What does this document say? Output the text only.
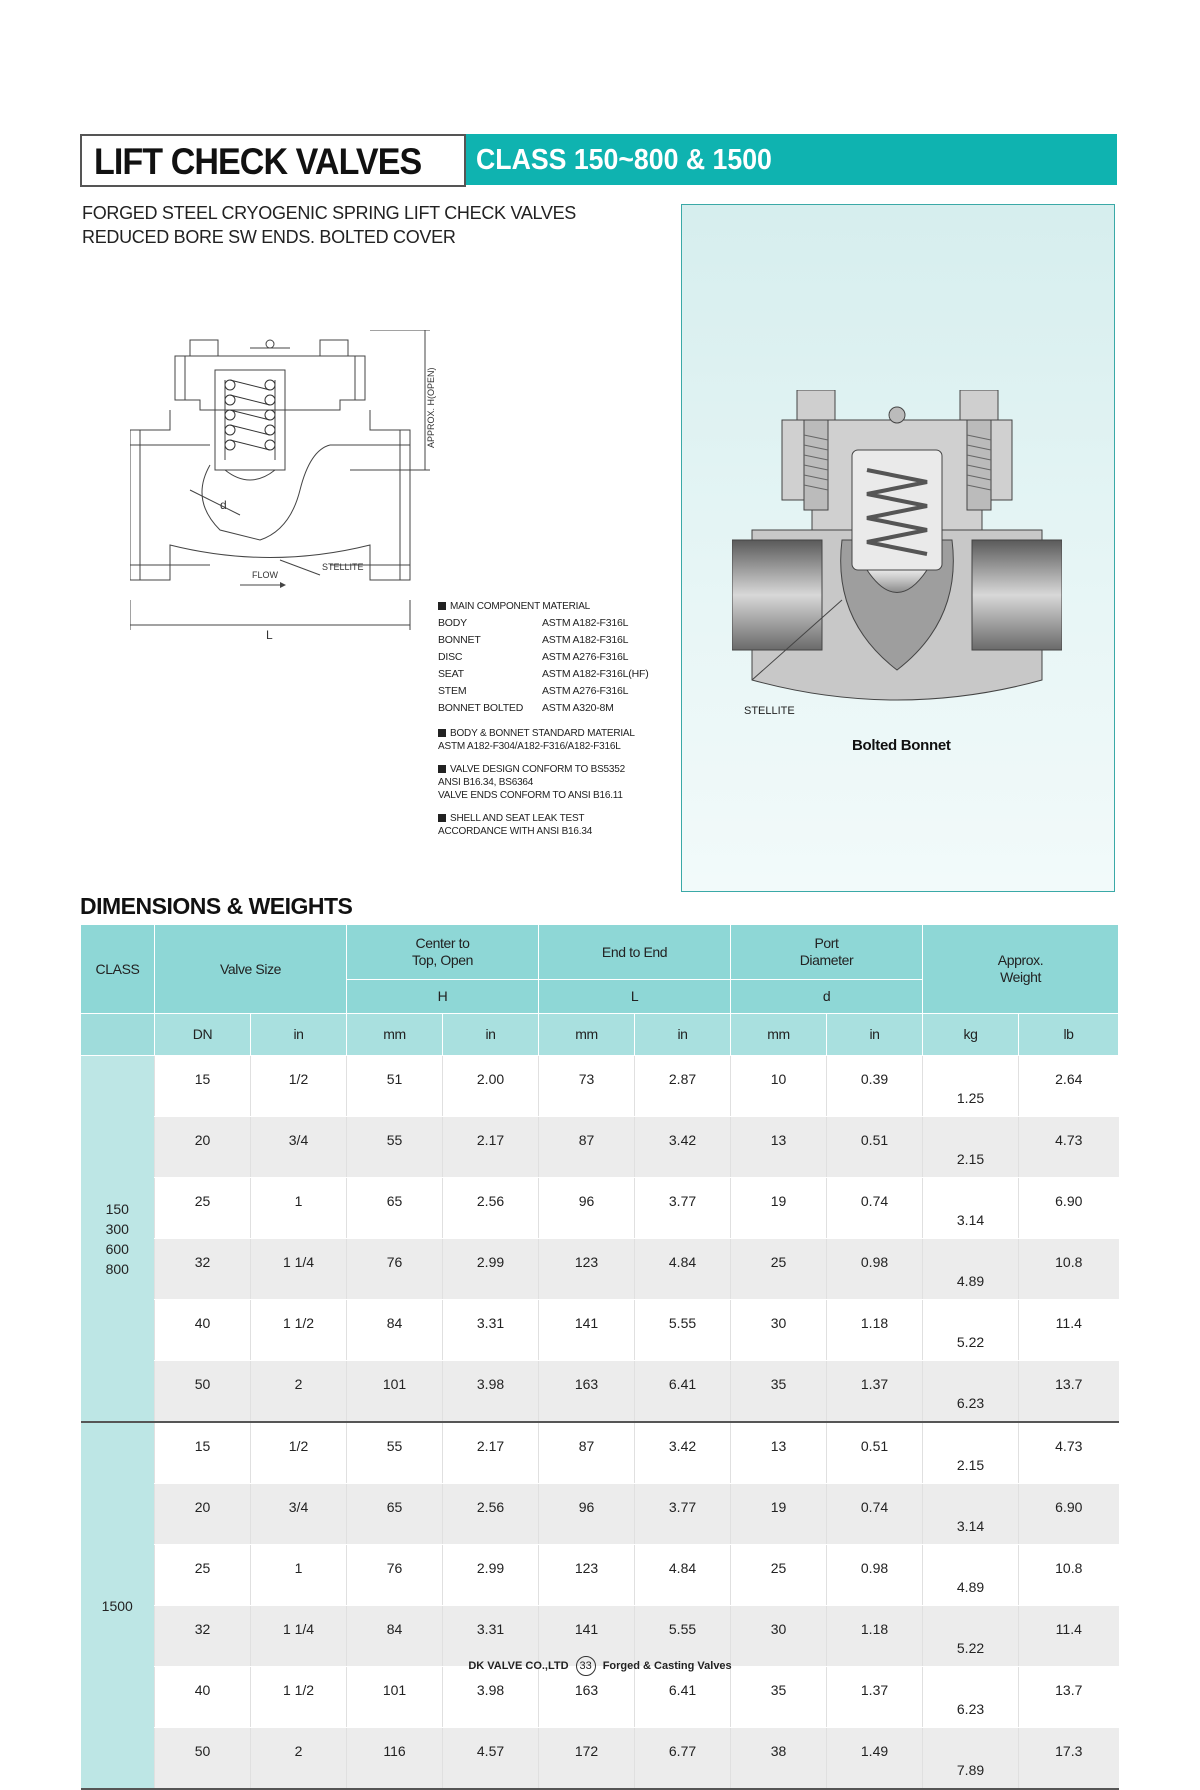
LIFT CHECK VALVES CLASS 150~800 & 1500
FORGED STEEL CRYOGENIC SPRING LIFT CHECK VALVES
REDUCED BORE SW ENDS. BOLTED COVER
APPROX. H(OPEN)
FLOW
L
d
STELLITE
MAIN COMPONENT MATERIAL
BODY	ASTM A182-F316L
BONNET	ASTM A182-F316L
DISC	ASTM A276-F316L
SEAT	ASTM A182-F316L(HF)
STEM	ASTM A276-F316L
BONNET BOLTED	ASTM A320-8M
BODY & BONNET STANDARD MATERIAL
ASTM A182-F304/A182-F316/A182-F316L
VALVE DESIGN CONFORM TO BS5352
ANSI B16.34, BS6364
VALVE ENDS CONFORM TO ANSI B16.11
SHELL AND SEAT LEAK TEST
ACCORDANCE WITH ANSI B16.34
STELLITE
Bolted Bonnet
DIMENSIONS & WEIGHTS
CLASS	Valve Size		Center to
Top, Open		End to End		Port
Diameter		Approx.
Weight	
			H		L		d			
	DN	in	mm	in	mm	in	mm	in	kg	lb

150
300
600
800	15	1/2	51	2.00	73	2.87	10	0.39	1.25	2.64
	20	3/4	55	2.17	87	3.42	13	0.51	2.15	4.73
	25	1	65	2.56	96	3.77	19	0.74	3.14	6.90
	32	1 1/4	76	2.99	123	4.84	25	0.98	4.89	10.8
	40	1 1/2	84	3.31	141	5.55	30	1.18	5.22	11.4
	50	2	101	3.98	163	6.41	35	1.37	6.23	13.7

1500	15	1/2	55	2.17	87	3.42	13	0.51	2.15	4.73
	20	3/4	65	2.56	96	3.77	19	0.74	3.14	6.90
	25	1	76	2.99	123	4.84	25	0.98	4.89	10.8
	32	1 1/4	84	3.31	141	5.55	30	1.18	5.22	11.4
	40	1 1/2	101	3.98	163	6.41	35	1.37	6.23	13.7
	50	2	116	4.57	172	6.77	38	1.49	7.89	17.3
DK VALVE CO.,LTD 33 Forged & Casting Valves
